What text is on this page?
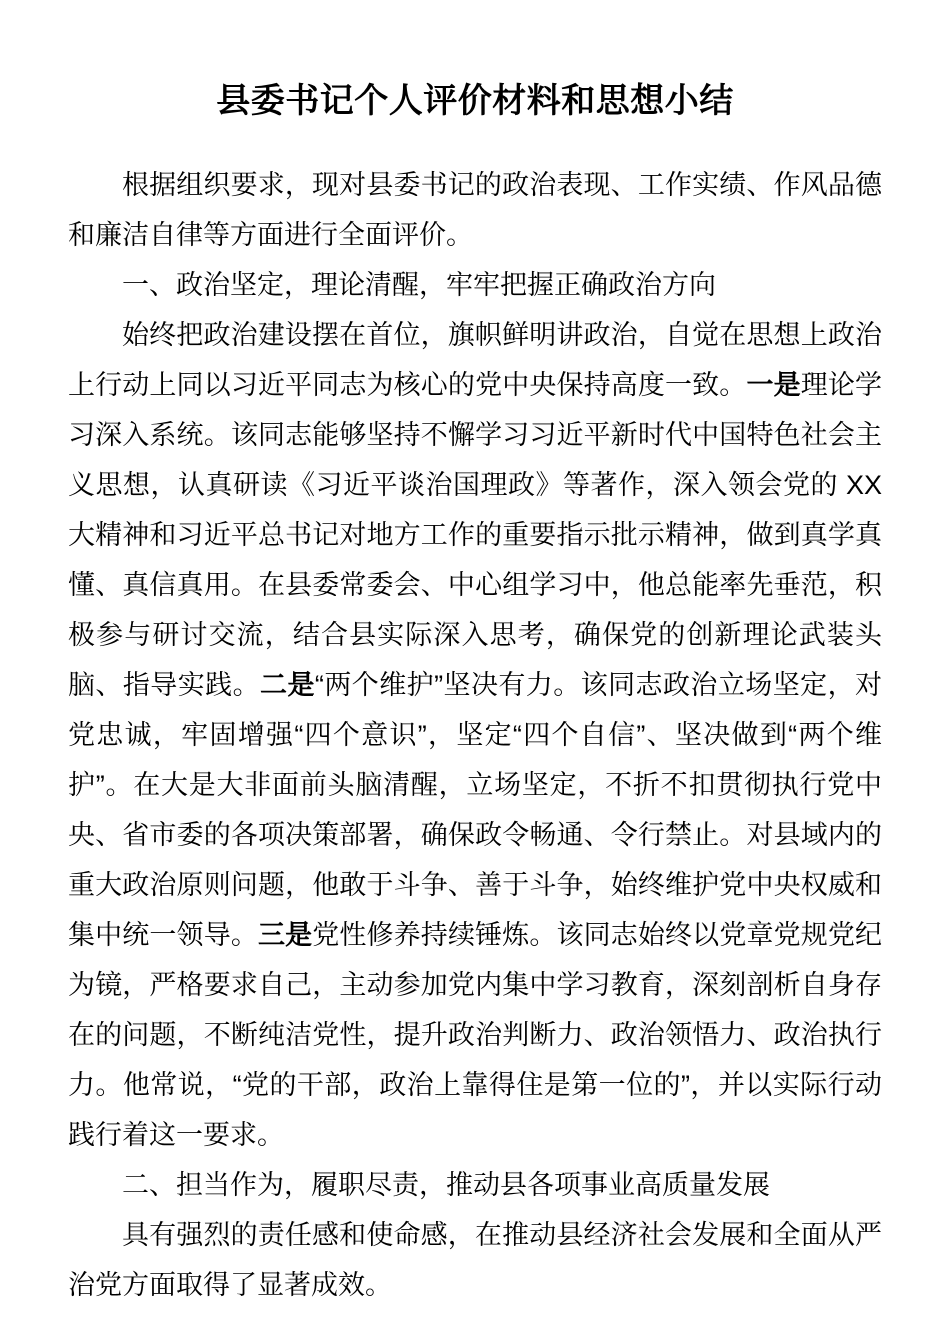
县委书记个人评价材料和思想小结

根据组织要求，现对县委书记的政治表现、工作实绩、作风品德和廉洁自律等方面进行全面评价。

一、政治坚定，理论清醒，牢牢把握正确政治方向

始终把政治建设摆在首位，旗帜鲜明讲政治，自觉在思想上政治上行动上同以习近平同志为核心的党中央保持高度一致。一是理论学习深入系统。该同志能够坚持不懈学习习近平新时代中国特色社会主义思想，认真研读《习近平谈治国理政》等著作，深入领会党的 XX 大精神和习近平总书记对地方工作的重要指示批示精神，做到真学真懂、真信真用。在县委常委会、中心组学习中，他总能率先垂范，积极参与研讨交流，结合县实际深入思考，确保党的创新理论武装头脑、指导实践。二是“两个维护”坚决有力。该同志政治立场坚定，对党忠诚，牢固增强“四个意识”，坚定“四个自信”、坚决做到“两个维护”。在大是大非面前头脑清醒，立场坚定，不折不扣贯彻执行党中央、省市委的各项决策部署，确保政令畅通、令行禁止。对县域内的重大政治原则问题，他敢于斗争、善于斗争，始终维护党中央权威和集中统一领导。三是党性修养持续锤炼。该同志始终以党章党规党纪为镜，严格要求自己，主动参加党内集中学习教育，深刻剖析自身存在的问题，不断纯洁党性，提升政治判断力、政治领悟力、政治执行力。他常说，“党的干部，政治上靠得住是第一位的”，并以实际行动践行着这一要求。

二、担当作为，履职尽责，推动县各项事业高质量发展

具有强烈的责任感和使命感，在推动县经济社会发展和全面从严治党方面取得了显著成效。
